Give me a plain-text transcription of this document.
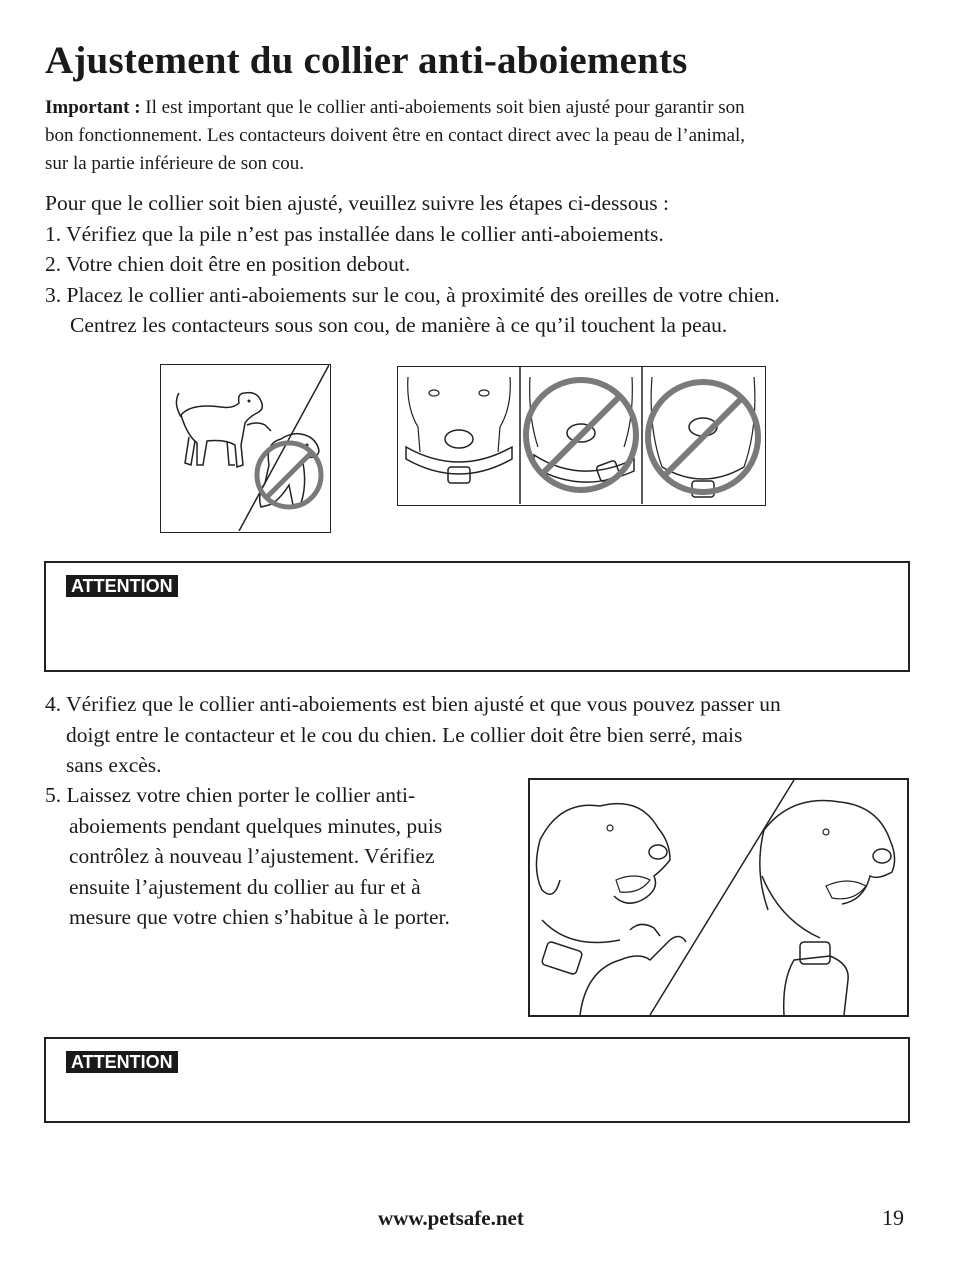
Ajustement du collier anti-aboiements
Important : Il est important que le collier anti-aboiements soit bien ajusté pour garantir son
bon fonctionnement. Les contacteurs doivent être en contact direct avec la peau de l’animal,
sur la partie inférieure de son cou.
Pour que le collier soit bien ajusté, veuillez suivre les étapes ci-dessous :
1. Vérifiez que la pile n’est pas installée dans le collier anti-aboiements.
2. Votre chien doit être en position debout.
3. Placez le collier anti-aboiements sur le cou, à proximité des oreilles de votre chien.
Centrez les contacteurs sous son cou, de manière à ce qu’il touchent la peau.
ATTENTION
4. Vérifiez que le collier anti-aboiements est bien ajusté et que vous pouvez passer un
doigt entre le contacteur et le cou du chien. Le collier doit être bien serré, mais
sans excès.
5. Laissez votre chien porter le collier anti-
aboiements pendant quelques minutes, puis
contrôlez à nouveau l’ajustement. Vérifiez
ensuite l’ajustement du collier au fur et à
mesure que votre chien s’habitue à le porter.
ATTENTION
www.petsafe.net	19
